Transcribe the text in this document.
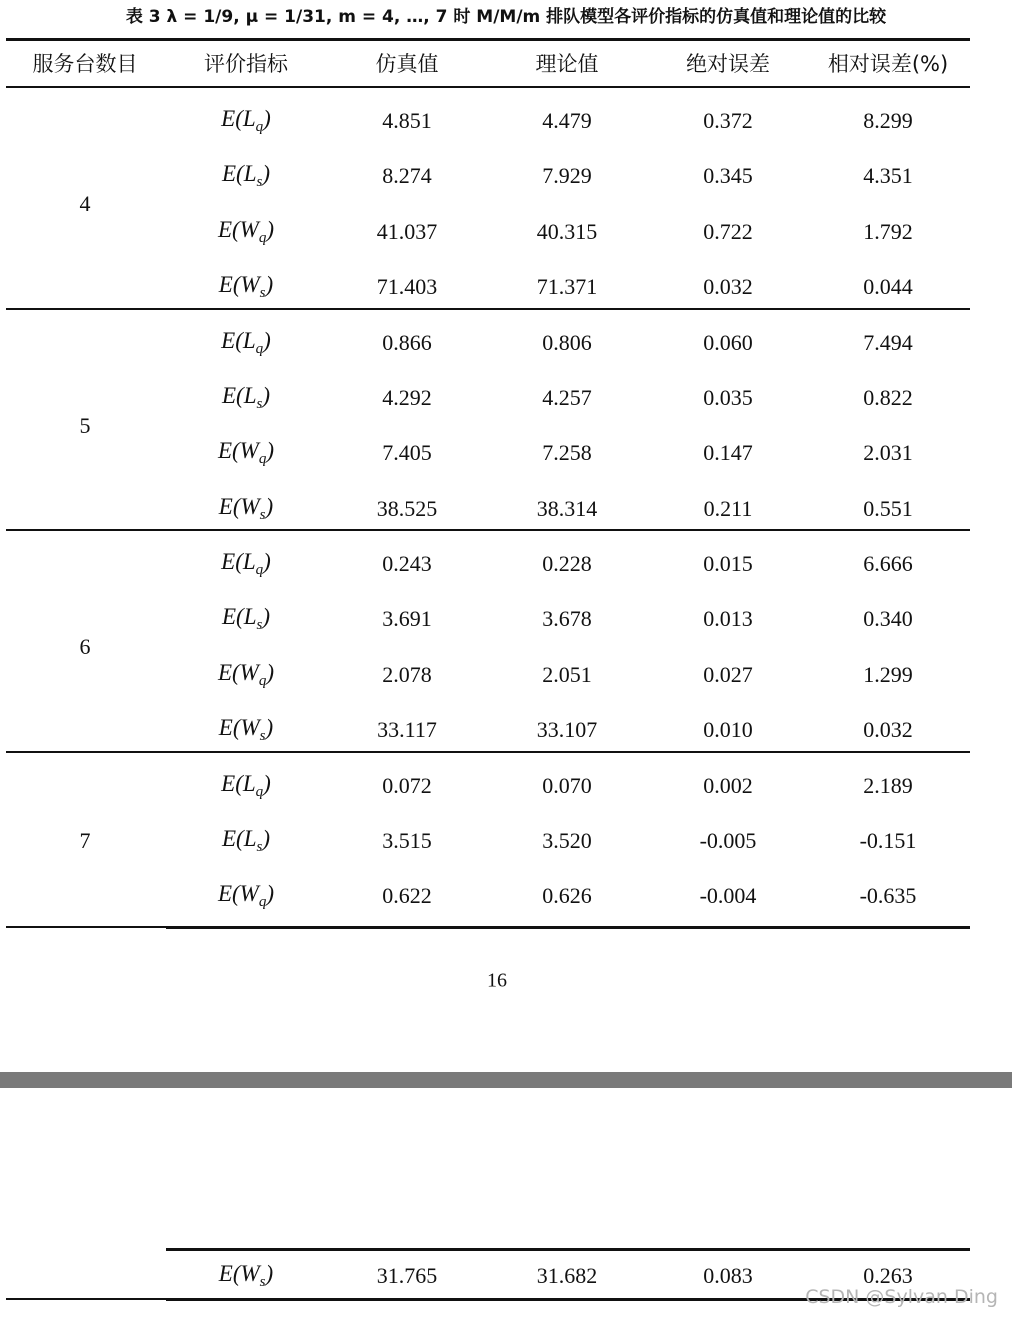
表 3 λ = 1/9, μ = 1/31, m = 4, …, 7 时 M/M/m 排队模型各评价指标的仿真值和理论值的比较
服务台数目	评价指标	仿真值	理论值	绝对误差	相对误差(%)
4
$E(L_q)$	4.851	4.479	0.372	8.299
$E(L_s)$	8.274	7.929	0.345	4.351
$E(W_q)$	41.037	40.315	0.722	1.792
$E(W_s)$	71.403	71.371	0.032	0.044
5
$E(L_q)$	0.866	0.806	0.060	7.494
$E(L_s)$	4.292	4.257	0.035	0.822
$E(W_q)$	7.405	7.258	0.147	2.031
$E(W_s)$	38.525	38.314	0.211	0.551
6
$E(L_q)$	0.243	0.228	0.015	6.666
$E(L_s)$	3.691	3.678	0.013	0.340
$E(W_q)$	2.078	2.051	0.027	1.299
$E(W_s)$	33.117	33.107	0.010	0.032
7
$E(L_q)$	0.072	0.070	0.002	2.189
$E(L_s)$	3.515	3.520	-0.005	-0.151
$E(W_q)$	0.622	0.626	-0.004	-0.635
16
$E(W_s)$	31.765	31.682	0.083	0.263
CSDN @Sylvan Ding
